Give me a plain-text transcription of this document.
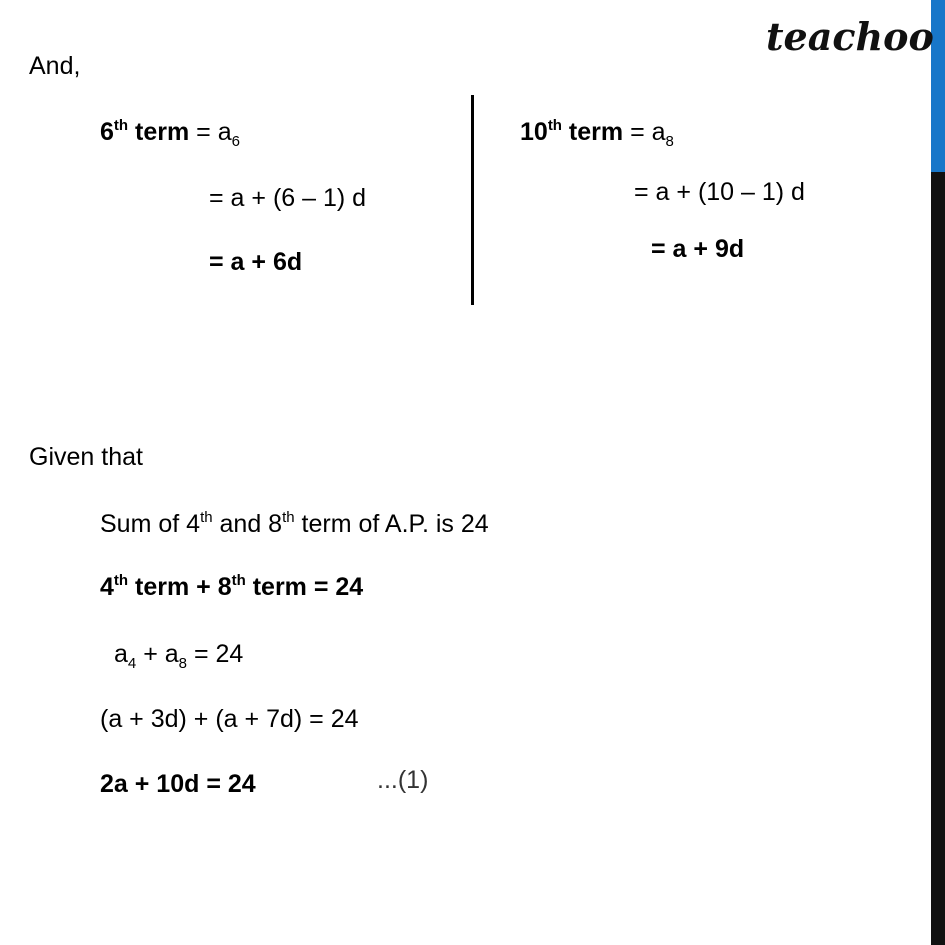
teachoo
And,
6th term = $a_6$
= a + (6 – 1) d
= a + 6d
10th term = $a_8$
= a + (10 – 1) d
= a + 9d
Given that
Sum of 4th and 8th term of A.P. is 24
4th term + 8th term = 24
$a_4 + a_8 = 24$
(a + 3d) + (a + 7d) = 24
2a + 10d = 24	...(1)
